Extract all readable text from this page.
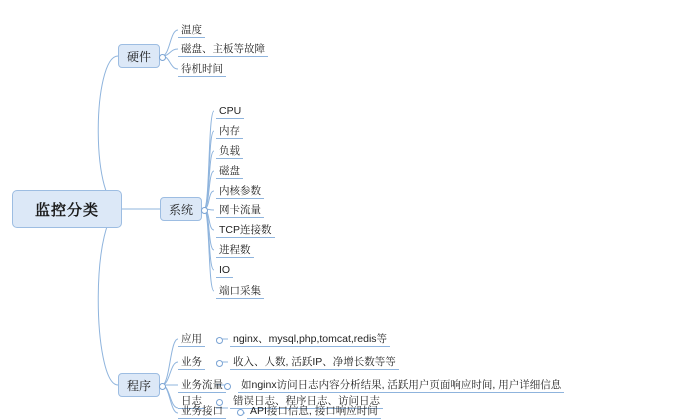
监控分类
硬件
温度
磁盘、主板等故障
待机时间
系统
CPU
内存
负载
磁盘
内核参数
网卡流量
TCP连接数
进程数
IO
端口采集
程序
应用	nginx、mysql,php,tomcat,redis等
业务	收入、人数, 活跃IP、净增长数等等
业务流量 如nginx访问日志内容分析结果, 活跃用户页面响应时间, 用户详细信息
日志	错误日志、程序日志、访问日志
业务接口	API接口信息, 接口响应时间
